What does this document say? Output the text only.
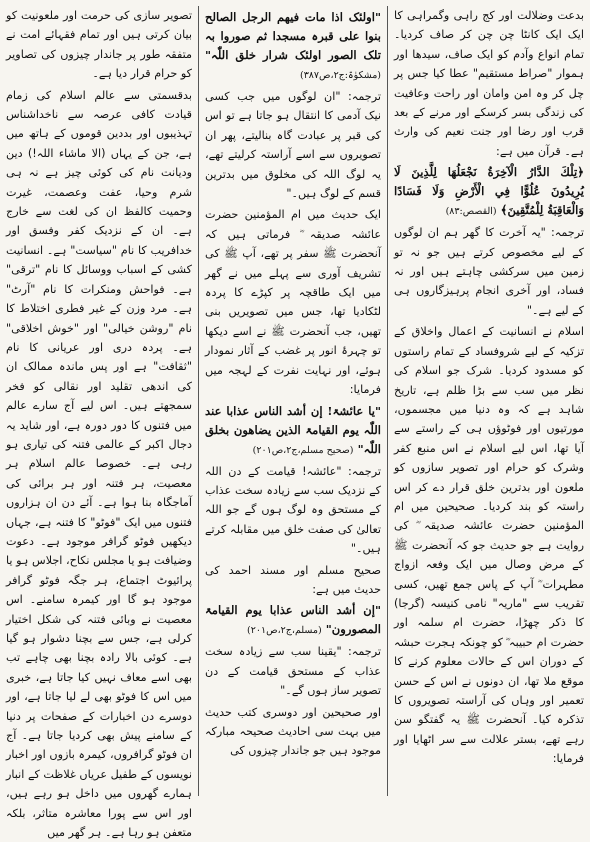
بدعت وضلالت اور کج راہی وگمراہی کا ایک ایک کانٹا چن چن کر صاف کردیا۔ تمام انواع وآدم کو ایک صاف، سیدھا اور ہموار "صراط مستقیم" عطا کیا جس پر چل کر وہ امن وامان اور راحت وعافیت کی زندگی بسر کرسکے اور مرنے کے بعد قرب اور رضا اور جنت نعیم کی وارث ہے۔ قرآن میں ہے:

﴿تِلْكَ الدَّارُ الْآخِرَةُ نَجْعَلُهَا لِلَّذِينَ لَا يُرِيدُونَ عُلُوًّا فِي الْأَرْضِ وَلَا فَسَادًا وَالْعَاقِبَةُ لِلْمُتَّقِينَ﴾ (القصص:٨٣)

ترجمہ: "یہ آخرت کا گھر ہم ان لوگوں کے لیے مخصوص کرتے ہیں جو نہ تو زمین میں سرکشی چاہتے ہیں اور نہ فساد، اور آخری انجام پرہیزگاروں ہی کے لیے ہے۔"

اسلام نے انسانیت کے اعمال واخلاق کے تزکیہ کے لیے شروفساد کے تمام راستوں کو مسدود کردیا۔ شرک جو اسلام کی نظر میں سب سے بڑا ظلم ہے، تاریخ شاہد ہے کہ وہ دنیا میں مجسموں، مورتیوں اور فوٹوؤں ہی کے راستے سے آیا تھا، اس لیے اسلام نے اس منبع کفر وشرک کو حرام اور تصویر سازوں کو ملعون اور بدترین خلق قرار دے کر اس راستہ کو بند کردیا۔ صحیحین میں ام المؤمنین حضرت عائشہ صدیقہ ؓ کی روایت ہے جو حدیث جو کہ آنحضرت ﷺ کے مرض وصال میں ایک وفعہ ازواج مطہرات ؓ آپ کے پاس جمع تھیں، کسی تقریب سے "ماریہ" نامی کنیسہ (گرجا) کا ذکر چھڑا، حضرت ام سلمہ اور حضرت ام حبیبہ ؓ کو چونکہ ہجرت حبشہ کے دوران اس کے حالات معلوم کرنے کا موقع ملا تھا، ان دونوں نے اس کے حسن تعمیر اور وہاں کی آراستہ تصویروں کا تذکرہ کیا۔ آنحضرت ﷺ یہ گفتگو سن رہے تھے، بستر علالت سے سر اٹھایا اور فرمایا:

"اولئک اذا مات فیھم الرجل الصالح بنوا علی قبرہ مسجدا ثم صوروا بہ تلک الصور اولئک شرار خلق اللّٰہ" (مشکوٰۃ:ج۲،ص۳۸۷)

ترجمہ: "ان لوگوں میں جب کسی نیک آدمی کا انتقال ہو جاتا ہے تو اس کی قبر پر عبادت گاہ بنالیتے، پھر ان تصویروں سے اسے آراستہ کرلیتے تھے، یہ لوگ اللہ کی مخلوق میں بدترین قسم کے لوگ ہیں۔"

ایک حدیث میں ام المؤمنین حضرت عائشہ صدیقہ ؓ فرماتی ہیں کہ آنحضرت ﷺ سفر پر تھے، آپ ﷺ کی تشریف آوری سے پہلے میں نے گھر میں ایک طاقچہ پر کپڑے کا پردہ لٹکادیا تھا، جس میں تصویریں بنی تھیں، جب آنحضرت ﷺ نے اسے دیکھا تو چہرۂ انور پر غضب کے آثار نمودار ہوئے، اور نہایت نفرت کے لہجہ میں فرمایا:

"یا عائشۃ! إن أشد الناس عذابا عند اللّٰہ یوم القیامۃ الذین یضاھون بخلق اللّٰہ" (صحیح مسلم،ج۲،ص۲۰۱)

ترجمہ: "عائشہ! قیامت کے دن اللہ کے نزدیک سب سے زیادہ سخت عذاب کے مستحق وہ لوگ ہوں گے جو اللہ تعالیٰ کی صفت خلق میں مقابلہ کرتے ہیں۔"

صحیح مسلم اور مسند احمد کی حدیث میں ہے:

"إن أشد الناس عذابا یوم القیامۃ المصورون" (مسلم،ج۲،ص۲۰۱)

ترجمہ: "یقینا سب سے زیادہ سخت عذاب کے مستحق قیامت کے دن تصویر ساز ہوں گے۔"

اور صحیحین اور دوسری کتب حدیث میں بہت سی احادیث صحیحہ مبارکہ موجود ہیں جو جاندار چیزوں کی

تصویر سازی کی حرمت اور ملعونیت کو بیان کرتی ہیں اور تمام فقہائے امت نے متفقہ طور پر جاندار چیزوں کی تصاویر کو حرام قرار دیا ہے۔

بدقسمتی سے عالم اسلام کی زمام قیادت کافی عرصہ سے ناخداشناس تہذیبوں اور بددین قوموں کے ہاتھ میں ہے، جن کے یہاں (الا ماشاء اللہ!) دین ودیانت نام کی کوئی چیز ہے نہ ہی شرم وحیا، عفت وعصمت، غیرت وحمیت کالفظ ان کی لغت سے خارج ہے۔ ان کے نزدیک کفر وفسق اور خدافریب کا نام "سیاست" ہے۔ انسانیت کشی کے اسباب ووسائل کا نام "ترقی" ہے۔ فواحش ومنکرات کا نام "آرٹ" ہے۔ مرد وزن کے غیر فطری اختلاط کا نام "روشن خیالی" اور "خوش اخلاقی" ہے۔ پردہ دری اور عریانی کا نام "ثقافت" ہے اور پس ماندہ ممالک ان کی اندھی تقلید اور نقالی کو فخر سمجھتے ہیں۔ اس لیے آج سارے عالم میں فتنوں کا دور دورہ ہے، اور شاید یہ دجال اکبر کے عالمی فتنہ کی تیاری ہو رہی ہے۔ خصوصا عالم اسلام ہر معصیت، ہر فتنہ اور ہر برائی کی آماجگاہ بنا ہوا ہے۔ آئے دن ان ہزاروں فتنوں میں ایک "فوٹو" کا فتنہ ہے، جہاں دیکھیں فوٹو گرافر موجود ہے۔ دعوت وضیافت ہو یا مجلس نکاح، اجلاس ہو یا پرائیوٹ اجتماع، ہر جگہ فوٹو گرافر موجود ہو گا اور کیمرہ سامنے۔ اس معصیت نے وبائی فتنہ کی شکل اختیار کرلی ہے، جس سے بچنا دشوار ہو گیا ہے۔ کوئی بالا رادہ بچنا بھی چاہے تب بھی اسے معاف نہیں کیا جاتا ہے، خبری میں اس کا فوٹو بھی لے لیا جاتا ہے، اور دوسرے دن اخبارات کے صفحات پر دنیا کے سامنے پیش بھی کردیا جاتا ہے۔ آج ان فوٹو گرافروں، کیمرہ بازوں اور اخبار نویسوں کے طفیل عریاں غلاظت کے انبار ہمارے گھروں میں داخل ہو رہے ہیں، اور اس سے پورا معاشرہ متاثر، بلکہ متعفن ہو رہا ہے۔ ہر گھر میں
